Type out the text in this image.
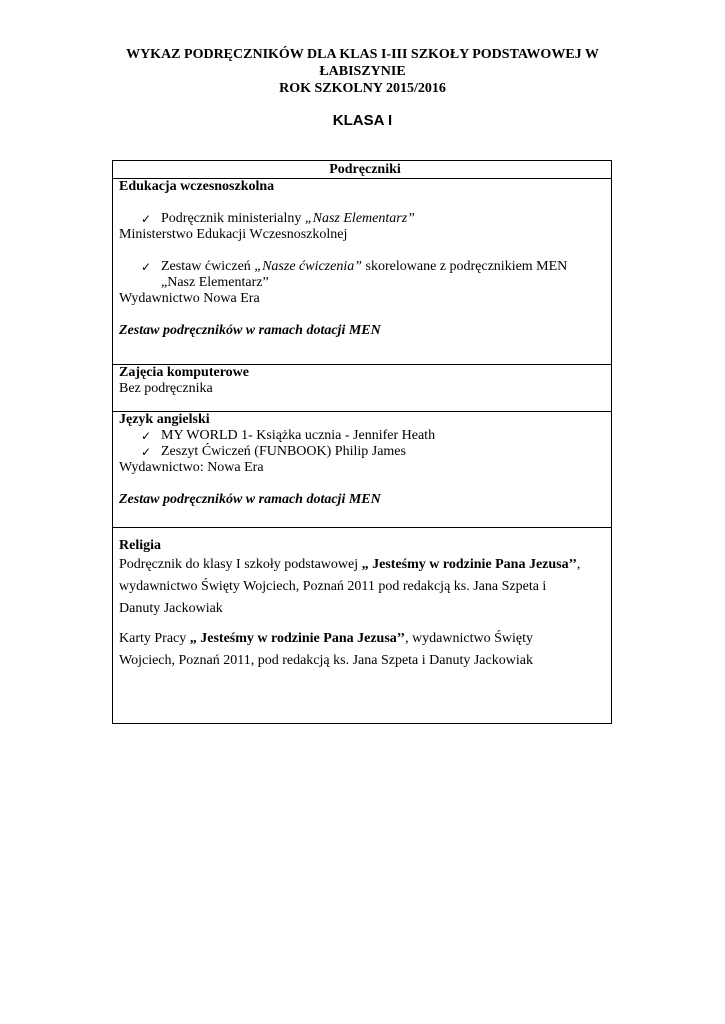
WYKAZ PODRĘCZNIKÓW DLA KLAS I-III SZKOŁY PODSTAWOWEJ W
ŁABISZYNIE
ROK SZKOLNY 2015/2016
KLASA I
Podręczniki
Edukacja wczesnoszkolna
✓ Podręcznik ministerialny „Nasz Elementarz”
Ministerstwo Edukacji Wczesnoszkolnej
✓ Zestaw ćwiczeń „Nasze ćwiczenia” skorelowane z podręcznikiem MEN
„Nasz Elementarz”
Wydawnictwo Nowa Era
Zestaw podręczników w ramach dotacji MEN
Zajęcia komputerowe
Bez podręcznika
Język angielski
✓ MY WORLD 1- Książka ucznia - Jennifer Heath
✓ Zeszyt Ćwiczeń (FUNBOOK) Philip James
Wydawnictwo: Nowa Era
Zestaw podręczników w ramach dotacji MEN
Religia

Podręcznik do klasy I szkoły podstawowej „ Jesteśmy w rodzinie Pana Jezusa’’,
wydawnictwo Święty Wojciech, Poznań 2011 pod redakcją ks. Jana Szpeta i
Danuty Jackowiak

Karty Pracy „ Jesteśmy w rodzinie Pana Jezusa’’, wydawnictwo Święty
Wojciech, Poznań 2011, pod redakcją ks. Jana Szpeta i Danuty Jackowiak
